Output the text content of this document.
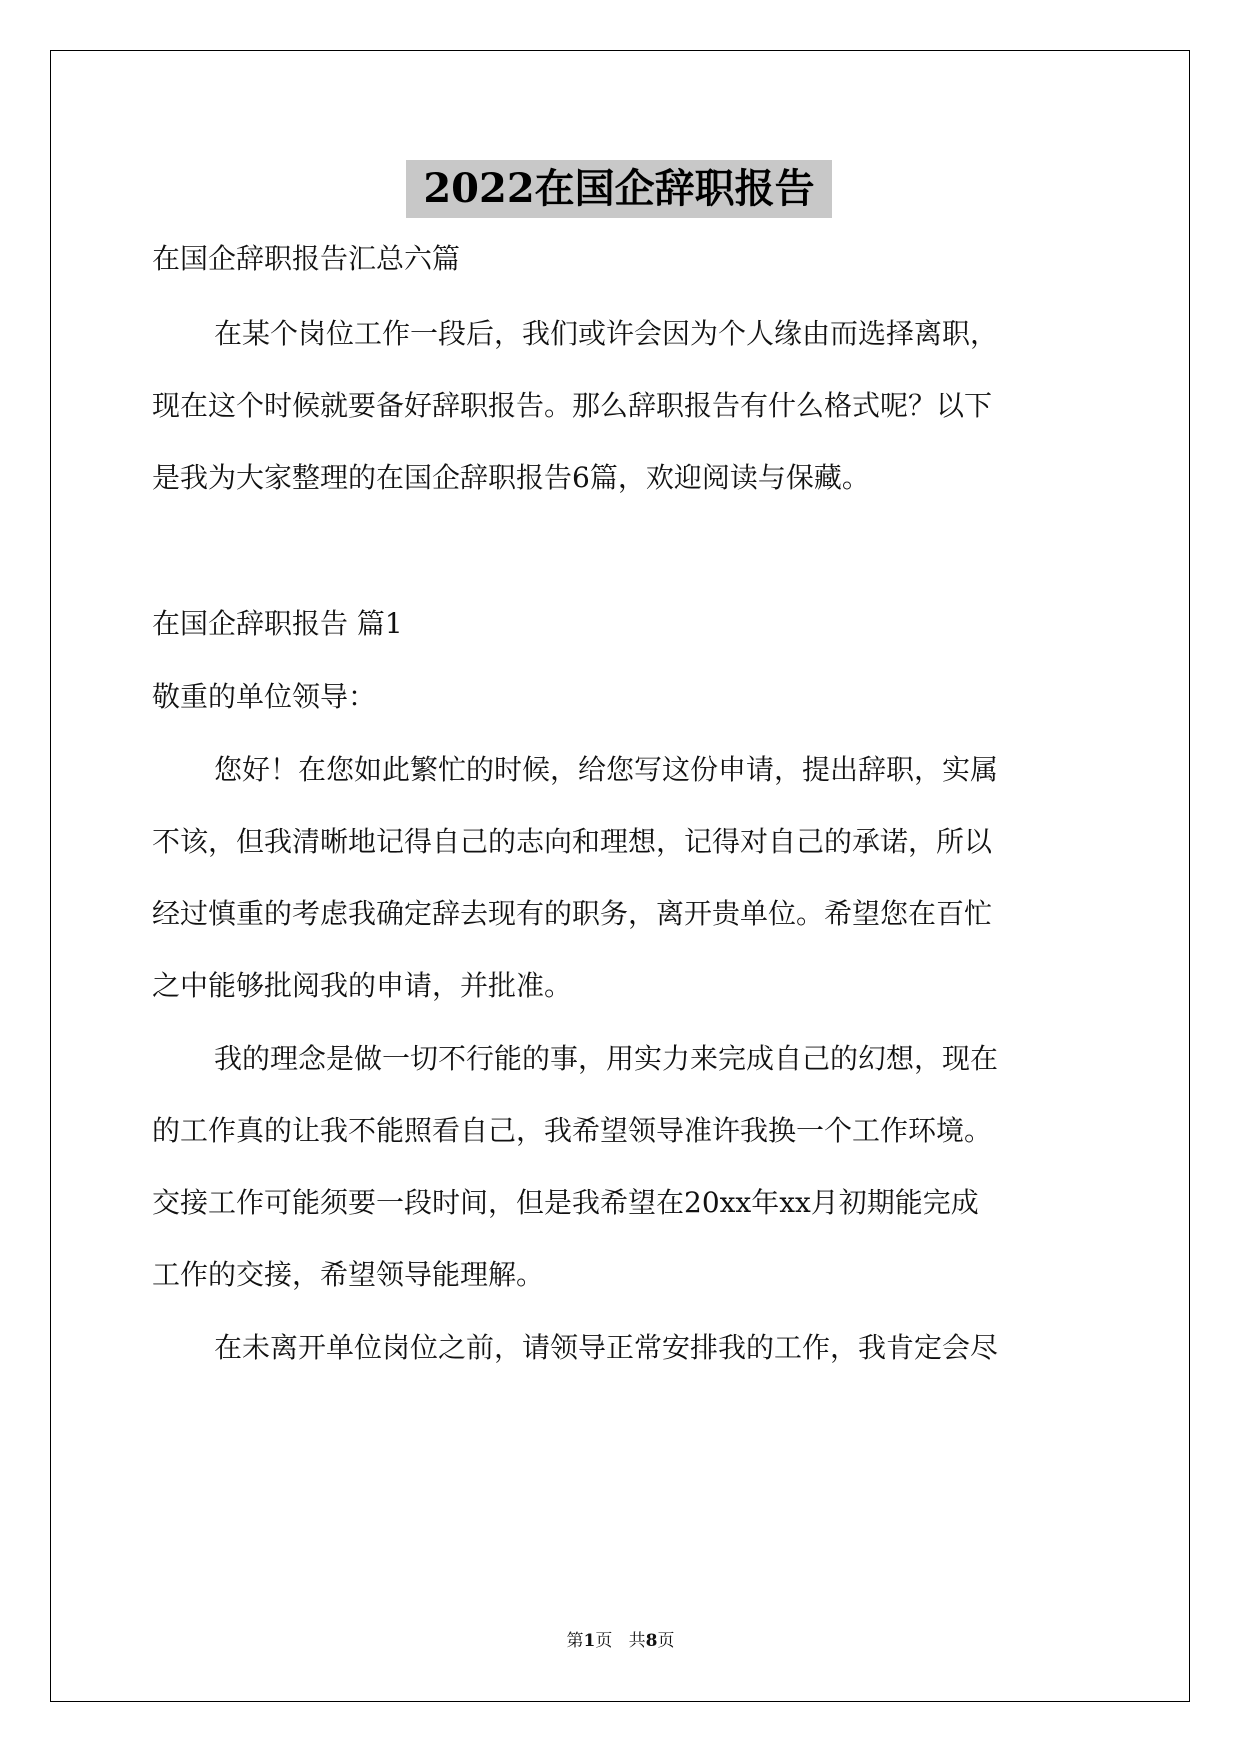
2022在国企辞职报告
在国企辞职报告汇总六篇
在某个岗位工作一段后，我们或许会因为个人缘由而选择离职，
现在这个时候就要备好辞职报告。那么辞职报告有什么格式呢？以下
是我为大家整理的在国企辞职报告6篇，欢迎阅读与保藏。
在国企辞职报告 篇1
敬重的单位领导：
您好！在您如此繁忙的时候，给您写这份申请，提出辞职，实属
不该，但我清晰地记得自己的志向和理想，记得对自己的承诺，所以
经过慎重的考虑我确定辞去现有的职务，离开贵单位。希望您在百忙
之中能够批阅我的申请，并批准。
我的理念是做一切不行能的事，用实力来完成自己的幻想，现在
的工作真的让我不能照看自己，我希望领导准许我换一个工作环境。
交接工作可能须要一段时间，但是我希望在20xx年xx月初期能完成
工作的交接，希望领导能理解。
在未离开单位岗位之前，请领导正常安排我的工作，我肯定会尽
第1页 共8页
